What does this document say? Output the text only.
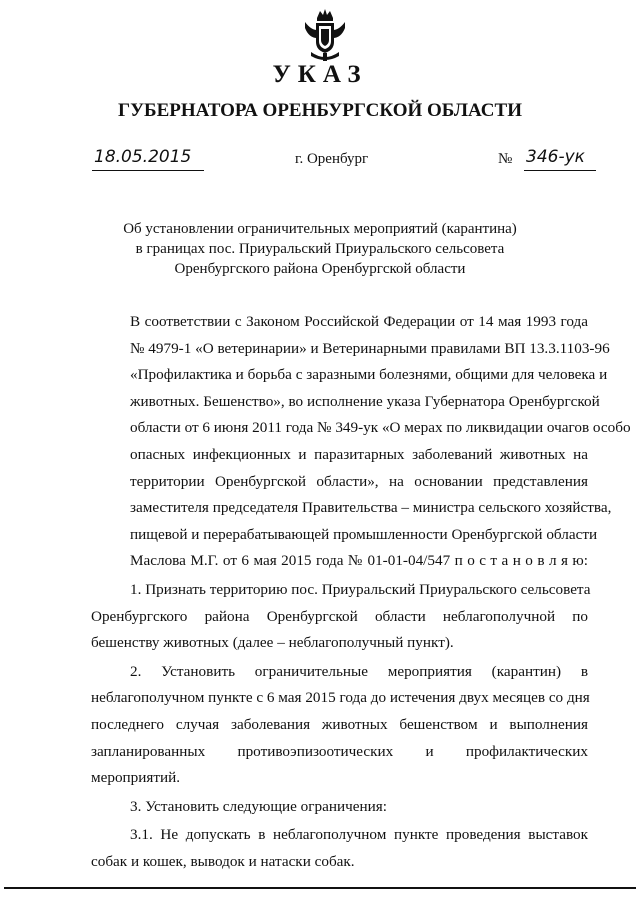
УКАЗ
ГУБЕРНАТОРА ОРЕНБУРГСКОЙ ОБЛАСТИ
18.05.2015	г. Оренбург	№ 346-ук
Об установлении ограничительных мероприятий (карантина)
в границах пос. Приуральский Приуральского сельсовета
Оренбургского района Оренбургской области

В соответствии с Законом Российской Федерации от 14 мая 1993 года
№ 4979-1 «О ветеринарии» и Ветеринарными правилами ВП 13.3.1103-96
«Профилактика и борьба с заразными болезнями, общими для человека и
животных. Бешенство», во исполнение указа Губернатора Оренбургской
области от 6 июня 2011 года № 349-ук «О мерах по ликвидации очагов особо
опасных инфекционных и паразитарных заболеваний животных на
территории Оренбургской области», на основании представления
заместителя председателя Правительства – министра сельского хозяйства,
пищевой и перерабатывающей промышленности Оренбургской области
Маслова М.Г. от 6 мая 2015 года № 01-01-04/547 п о с т а н о в л я ю:

1. Признать территорию пос. Приуральский Приуральского сельсовета
Оренбургского района Оренбургской области неблагополучной по
бешенству животных (далее – неблагополучный пункт).

2. Установить ограничительные мероприятия (карантин) в
неблагополучном пункте с 6 мая 2015 года до истечения двух месяцев со дня
последнего случая заболевания животных бешенством и выполнения
запланированных противоэпизоотических и профилактических мероприятий.

3. Установить следующие ограничения:

3.1. Не допускать в неблагополучном пункте проведения выставок
собак и кошек, выводок и натаски собак.
